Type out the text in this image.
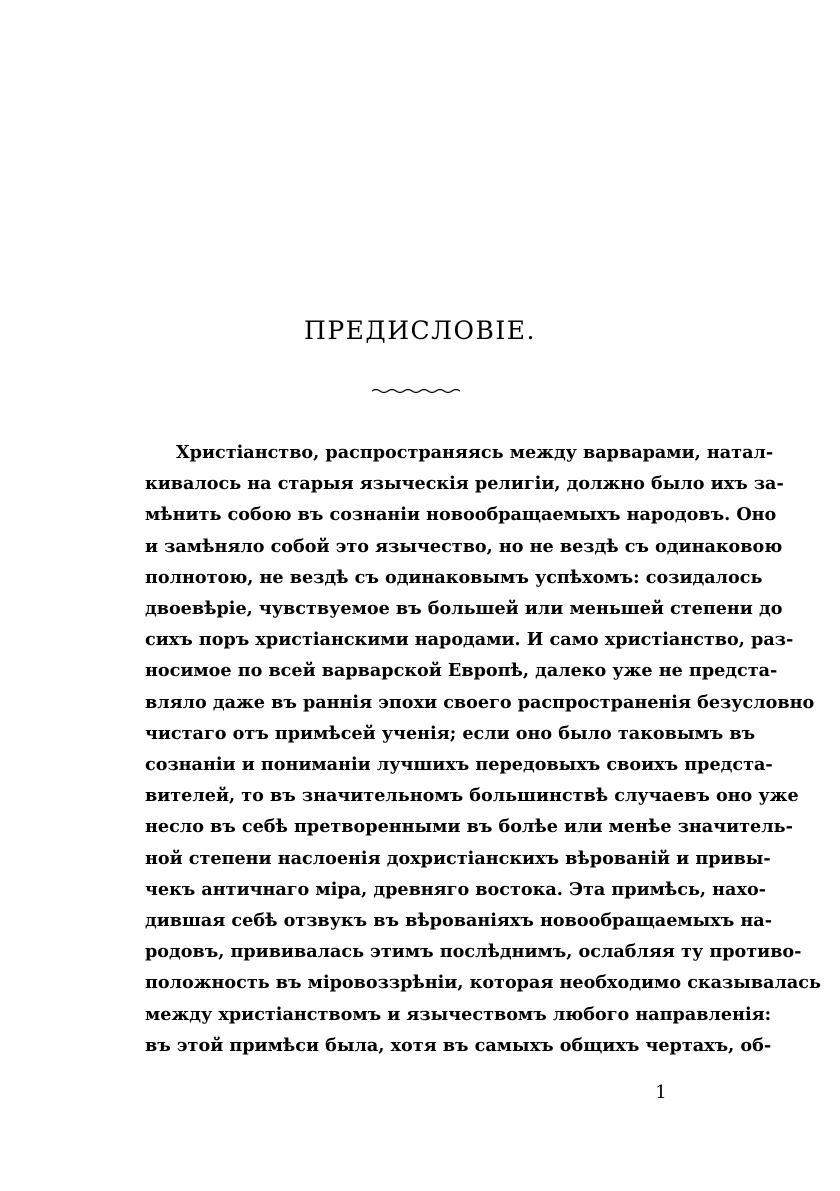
ПРЕДИСЛОВІЕ.
Христіанство, распространяясь между варварами, натал-
кивалось на старыя языческія религіи, должно было ихъ за-
мѣнить собою въ сознаніи новообращаемыхъ народовъ. Оно
и замѣняло собой это язычество, но не вездѣ съ одинаковою
полнотою, не вездѣ съ одинаковымъ успѣхомъ: созидалось
двоевѣріе, чувствуемое въ большей или меньшей степени до
сихъ поръ христіанскими народами. И само христіанство, раз-
носимое по всей варварской Европѣ, далеко уже не предста-
вляло даже въ раннія эпохи своего распространенія безусловно
чистаго отъ примѣсей ученія; если оно было таковымъ въ
сознаніи и пониманіи лучшихъ передовыхъ своихъ предста-
вителей, то въ значительномъ большинствѣ случаевъ оно уже
несло въ себѣ претворенными въ болѣе или менѣе значитель-
ной степени наслоенія дохристіанскихъ вѣрованій и привы-
чекъ античнаго міра, древняго востока. Эта примѣсь, нахо-
дившая себѣ отзвукъ въ вѣрованіяхъ новообращаемыхъ на-
родовъ, прививалась этимъ послѣднимъ, ослабляя ту противо-
положность въ міровоззрѣніи, которая необходимо сказывалась
между христіанствомъ и язычествомъ любого направленія:
въ этой примѣси была, хотя въ самыхъ общихъ чертахъ, об-
1
